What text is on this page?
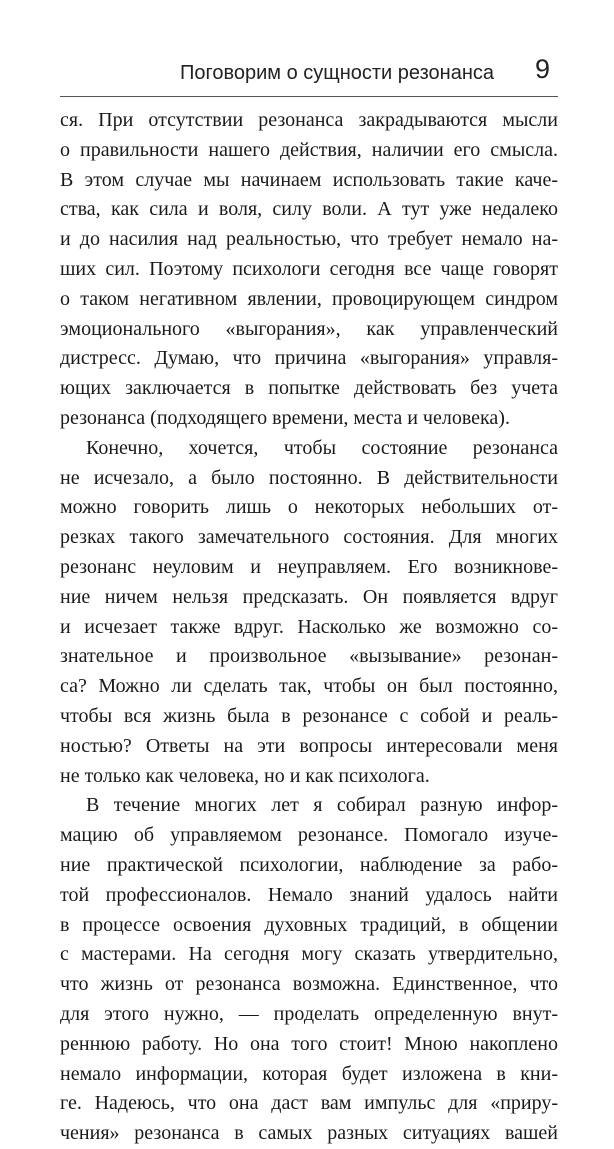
Поговорим о сущности резонанса 9
ся. При отсутствии резонанса закрадываются мысли
о правильности нашего действия, наличии его смысла.
В этом случае мы начинаем использовать такие каче-
ства, как сила и воля, силу воли. А тут уже недалеко
и до насилия над реальностью, что требует немало на-
ших сил. Поэтому психологи сегодня все чаще говорят
о таком негативном явлении, провоцирующем синдром
эмоционального «выгорания», как управленческий
дистресс. Думаю, что причина «выгорания» управля-
ющих заключается в попытке действовать без учета
резонанса (подходящего времени, места и человека).
Конечно, хочется, чтобы состояние резонанса
не исчезало, а было постоянно. В действительности
можно говорить лишь о некоторых небольших от-
резках такого замечательного состояния. Для многих
резонанс неуловим и неуправляем. Его возникнове-
ние ничем нельзя предсказать. Он появляется вдруг
и исчезает также вдруг. Насколько же возможно со-
знательное и произвольное «вызывание» резонан-
са? Можно ли сделать так, чтобы он был постоянно,
чтобы вся жизнь была в резонансе с собой и реаль-
ностью? Ответы на эти вопросы интересовали меня
не только как человека, но и как психолога.
В течение многих лет я собирал разную инфор-
мацию об управляемом резонансе. Помогало изуче-
ние практической психологии, наблюдение за рабо-
той профессионалов. Немало знаний удалось найти
в процессе освоения духовных традиций, в общении
с мастерами. На сегодня могу сказать утвердительно,
что жизнь от резонанса возможна. Единственное, что
для этого нужно, — проделать определенную внут-
реннюю работу. Но она того стоит! Мною накоплено
немало информации, которая будет изложена в кни-
ге. Надеюсь, что она даст вам импульс для «приру-
чения» резонанса в самых разных ситуациях вашей
